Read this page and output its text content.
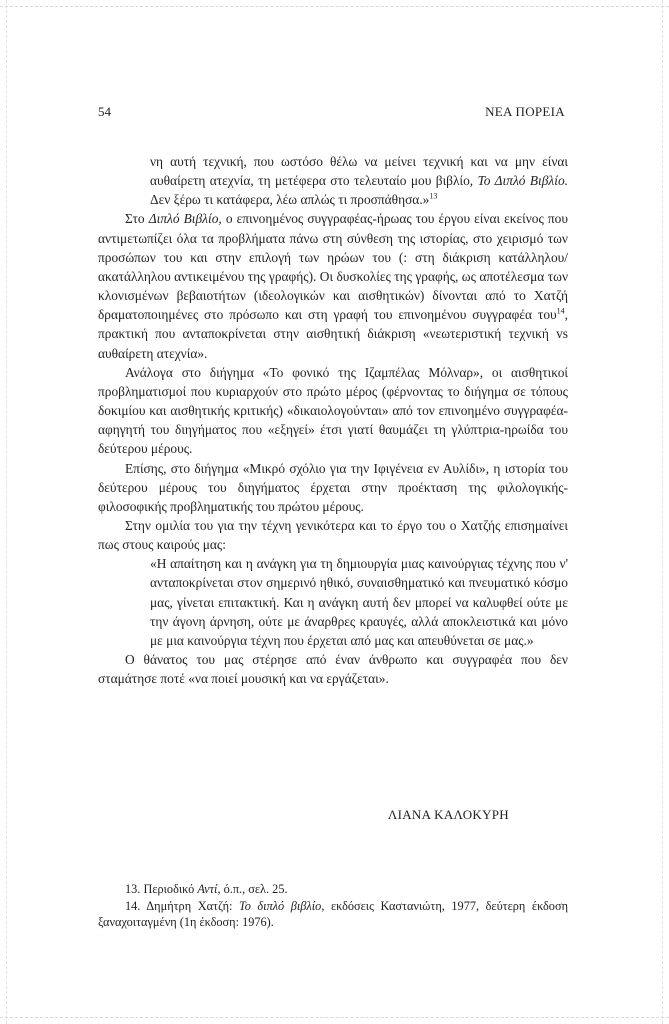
54	ΝΕΑ ΠΟΡΕΙΑ

νη αυτή τεχνική, που ωστόσο θέλω να μείνει τεχνική και να μην είναι αυθαίρετη ατεχνία, τη μετέφερα στο τελευταίο μου βιβλίο, Το Διπλό Βιβλίο. Δεν ξέρω τι κατάφερα, λέω απλώς τι προσπάθησα.»$^{13}$

Στο Διπλό Βιβλίο, ο επινοημένος συγγραφέας-ήρωας του έργου είναι εκείνος που αντιμετωπίζει όλα τα προβλήματα πάνω στη σύνθεση της ιστορίας, στο χειρισμό των προσώπων του και στην επιλογή των ηρώων του (: στη διάκριση κατάλληλου/ακατάλληλου αντικειμένου της γραφής). Οι δυσκολίες της γραφής, ως αποτέλεσμα των κλονισμένων βεβαιοτήτων (ιδεολογικών και αισθητικών) δίνονται από το Χατζή δραματοποιημένες στο πρόσωπο και στη γραφή του επινοημένου συγγραφέα του$^{14}$, πρακτική που ανταποκρίνεται στην αισθητική διάκριση «νεωτεριστική τεχνική vs αυθαίρετη ατεχνία».

Ανάλογα στο διήγημα «Το φονικό της Ιζαμπέλας Μόλναρ», οι αισθητικοί προβληματισμοί που κυριαρχούν στο πρώτο μέρος (φέρνοντας το διήγημα σε τόπους δοκιμίου και αισθητικής κριτικής) «δικαιολογούνται» από τον επινοημένο συγγραφέα-αφηγητή του διηγήματος που «εξηγεί» έτσι γιατί θαυμάζει τη γλύπτρια-ηρωίδα του δεύτερου μέρους.

Επίσης, στο διήγημα «Μικρό σχόλιο για την Ιφιγένεια εν Αυλίδι», η ιστορία του δεύτερου μέρους του διηγήματος έρχεται στην προέκταση της φιλολογικής-φιλοσοφικής προβληματικής του πρώτου μέρους.

Στην ομιλία του για την τέχνη γενικότερα και το έργο του ο Χατζής επισημαίνει πως στους καιρούς μας:

«Η απαίτηση και η ανάγκη για τη δημιουργία μιας καινούργιας τέχνης που ν' ανταποκρίνεται στον σημερινό ηθικό, συναισθηματικό και πνευματικό κόσμο μας, γίνεται επιτακτική. Και η ανάγκη αυτή δεν μπορεί να καλυφθεί ούτε με την άγονη άρνηση, ούτε με άναρθρες κραυγές, αλλά αποκλειστικά και μόνο με μια καινούργια τέχνη που έρχεται από μας και απευθύνεται σε μας.»

Ο θάνατος του μας στέρησε από έναν άνθρωπο και συγγραφέα που δεν σταμάτησε ποτέ «να ποιεί μουσική και να εργάζεται».

ΛΙΑΝΑ ΚΑΛΟΚΥΡΗ

13. Περιοδικό Αντί, ό.π., σελ. 25.

14. Δημήτρη Χατζή: Το διπλό βιβλίο, εκδόσεις Καστανιώτη, 1977, δεύτερη έκδοση ξαναχοιταγμένη (1η έκδοση: 1976).
